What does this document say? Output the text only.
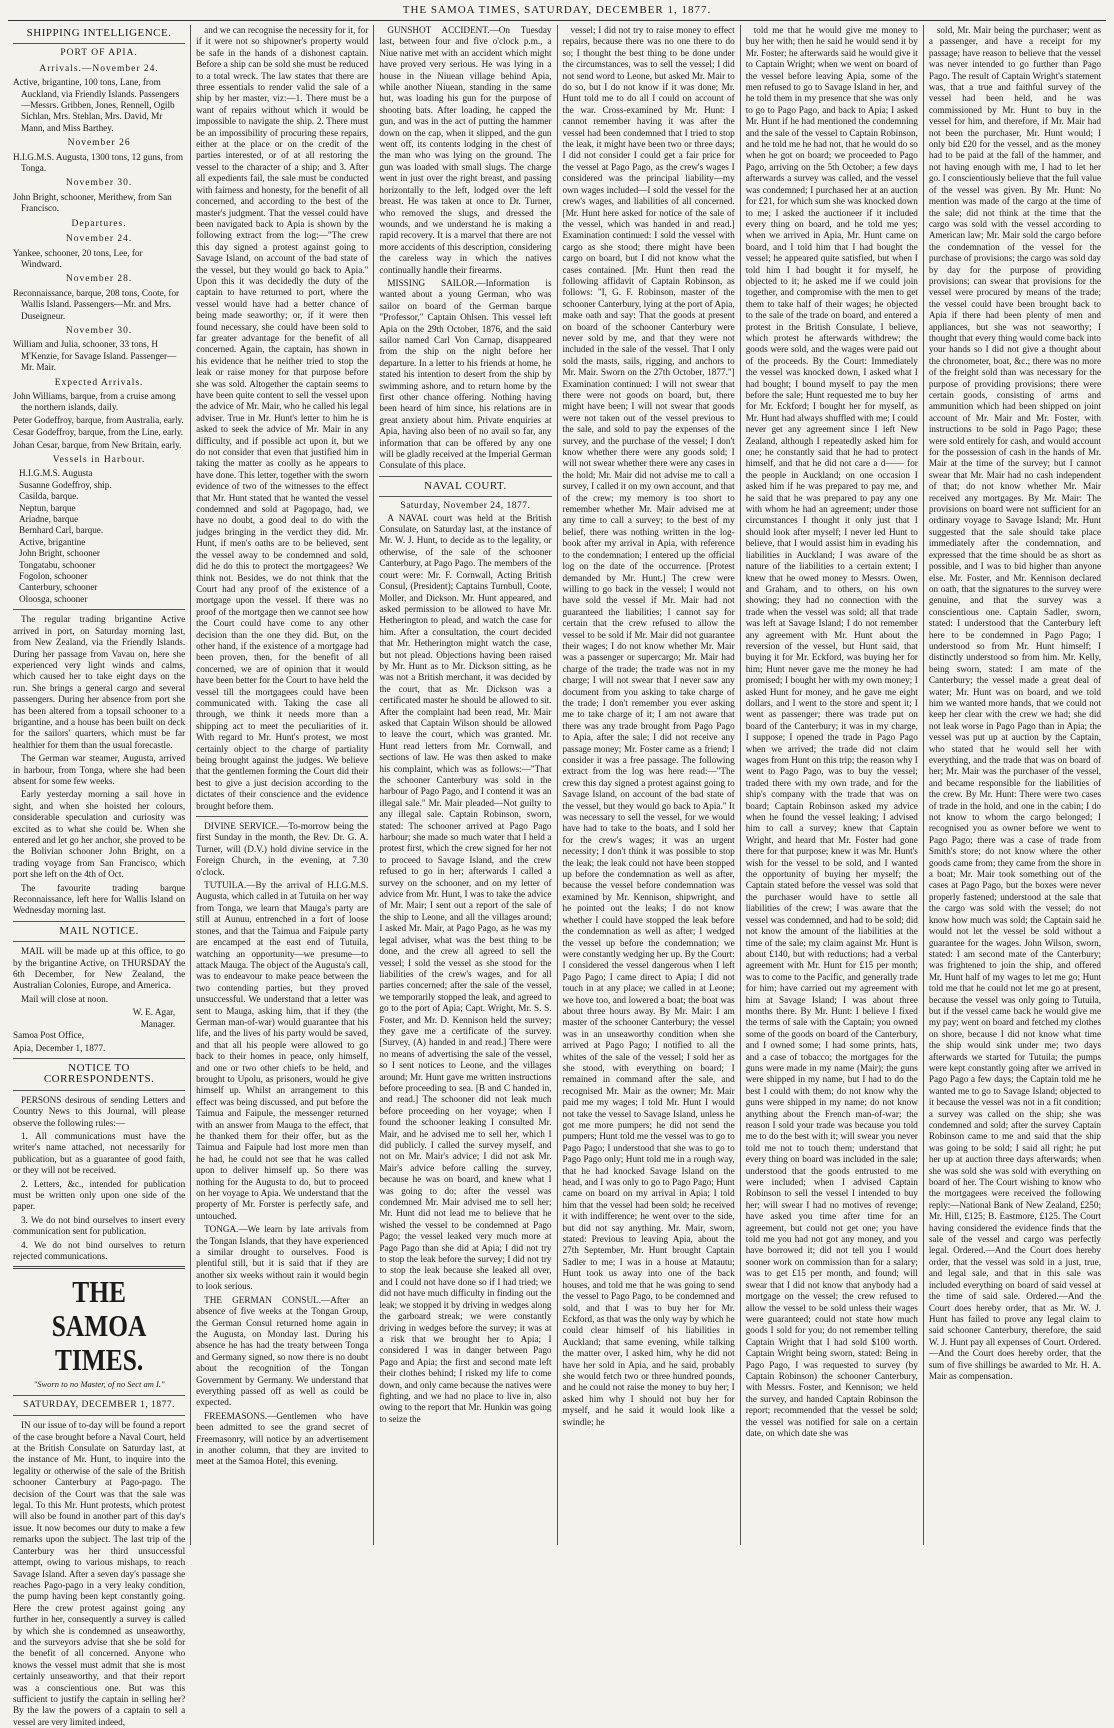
THE SAMOA TIMES, SATURDAY, DECEMBER 1, 1877.
SHIPPING INTELLIGENCE.
PORT OF APIA.
Arrivals.—November 24.
Active, brigantine, 100 tons, Lane, from Auckland, via Friendly Islands. Passengers—Messrs. Gribben, Jones, Rennell, Ogilb Sichlan, Mrs. Stehlan, Mrs. David, Mr Mann, and Miss Barthey.
November 26
H.I.G.M.S. Augusta, 1300 tons, 12 guns, from Tonga.
November 30.
John Bright, schooner, Merithew, from San Francisco.
Departures.
November 24.
Yankee, schooner, 20 tons, Lee, for Windward.
November 28.
Reconnaissance, barque, 208 tons, Coote, for Wallis Island. Passengers—Mr. and Mrs. Duseigneur.
November 30.
William and Julia, schooner, 33 tons, H M'Kenzie, for Savage Island. Passenger—Mr. Mair.
Expected Arrivals.
John Williams, barque, from a cruise among the northern islands, daily.
Peter Godeffroy, barque, from Australia, early.
Cesar Godeffroy, barque, from the Line, early.
Johan Cesar, barque, from New Britain, early.
Vessels in Harbour.
H.I.G.M.S. Augusta
Susanne Godeffroy, ship.
Casilda, barque.
Neptun, barque
Ariadne, barque
Bernhard Carl, barque.
Active, brigantine
John Bright, schooner
Tongatabu, schooner
Fogolon, schooner
Canterbury, schooner
Oloosga, schooner

The regular trading brigantine Active arrived in port, on Saturday morning last, from New Zealand, via the Friendly Islands. During her passage from Vavau on, here she experienced very light winds and calms, which caused her to take eight days on the run. She brings a general cargo and several passengers. During her absence from port she has been altered from a topsail schooner to a brigantine, and a house has been built on deck for the sailors' quarters, which must be far healthier for them than the usual forecastle.

The German war steamer, Augusta, arrived in harbour, from Tonga, where she had been absent for some few weeks.

Early yesterday morning a sail hove in sight, and when she hoisted her colours, considerable speculation and curiosity was excited as to what she could be. When she entered and let go her anchor, she proved to be the Bolivian schooner John Bright, on a trading voyage from San Francisco, which port she left on the 4th of Oct.

The favourite trading barque Reconnaissance, left here for Wallis Island on Wednesday morning last.

MAIL NOTICE.

MAIL will be made up at this office, to go by the brigantine Active, on THURSDAY the 6th December, for New Zealand, the Australian Colonies, Europe, and America.

Mail will close at noon.

W. E. Agar,
Manager.
Samoa Post Office,
Apia, December 1, 1877.
NOTICE TO CORRESPONDENTS.

PERSONS desirous of sending Letters and Country News to this Journal, will please observe the following rules:—

1. All communications must have the writer's name attached, not necessarily for publication, but as a guarantee of good faith, or they will not be received.

2. Letters, &c., intended for publication must be written only upon one side of the paper.

3. We do not bind ourselves to insert every communication sent for publication.

4. We do not bind ourselves to return rejected communications.

THE SAMOA TIMES.
"Sworn to no Master, of no Sect am I."
SATURDAY, DECEMBER 1, 1877.

IN our issue of to-day will be found a report of the case brought before a Naval Court, held at the British Consulate on Saturday last, at the instance of Mr. Hunt, to inquire into the legality or otherwise of the sale of the British schooner Canterbury at Pago-pago. The decision of the Court was that the sale was legal. To this Mr. Hunt protests, which protest will also be found in another part of this day's issue. It now becomes our duty to make a few remarks upon the subject. The last trip of the Canterbury was her third unsuccessful attempt, owing to various mishaps, to reach Savage Island. After a seven day's passage she reaches Pago-pago in a very leaky condition, the pump having been kept constantly going. Here the crew protest against going any further in her, consequently a survey is called by which she is condemned as unseaworthy, and the surveyors advise that she be sold for the benefit of all concerned. Anyone who knows the vessel must admit that she is most certainly unseaworthy, and that their report was a conscientious one. But was this sufficient to justify the captain in selling her? By the law the powers of a captain to sell a vessel are very limited indeed,

and we can recognise the necessity for it, for if it were not so shipowner's property would be safe in the hands of a dishonest captain. Before a ship can be sold she must be reduced to a total wreck. The law states that there are three essentials to render valid the sale of a ship by her master, viz:—1. There must be a want of repairs without which it would be impossible to navigate the ship. 2. There must be an impossibility of procuring these repairs, either at the place or on the credit of the parties interested, or of at all restoring the vessel to the character of a ship; and 3. After all expedients fail, the sale must be conducted with fairness and honesty, for the benefit of all concerned, and according to the best of the master's judgment. That the vessel could have been navigated back to Apia is shown by the following extract from the log:—"The crew this day signed a protest against going to Savage Island, on account of the bad state of the vessel, but they would go back to Apia." Upon this it was decidedly the duty of the captain to have returned to port, where the vessel would have had a better chance of being made seaworthy; or, if it were then found necessary, she could have been sold to far greater advantage for the benefit of all concerned. Again, the captain, has shown in his evidence that he neither tried to stop the leak or raise money for that purpose before she was sold. Altogether the captain seems to have been quite content to sell the vessel upon the advice of Mr. Mair, who he called his legal adviser. True in Mr. Hunt's letter to him he is asked to seek the advice of Mr. Mair in any difficulty, and if possible act upon it, but we do not consider that even that justified him in taking the matter as coolly as he appears to have done. This letter, together with the sworn evidence of two of the witnesses to the effect that Mr. Hunt stated that he wanted the vessel condemned and sold at Pagopago, had, we have no doubt, a good deal to do with the judges bringing in the verdict they did. Mr. Hunt, if men's oaths are to be believed, sent the vessel away to be condemned and sold, did he do this to protect the mortgagees? We think not. Besides, we do not think that the Court had any proof of the existence of a mortgage upon the vessel. If there was no proof of the mortgage then we cannot see how the Court could have come to any other decision than the one they did. But, on the other hand, if the existence of a mortgage had been proven, then, for the benefit of all concerned, we are of opinion that it would have been better for the Court to have held the vessel till the mortgagees could have been communicated with. Taking the case all through, we think it needs more than a shipping act to meet the peculiarities of it. With regard to Mr. Hunt's protest, we most certainly object to the charge of partiality being brought against the judges. We believe that the gentlemen forming the Court did their best to give a just decision according to the dictates of their conscience and the evidence brought before them.

DIVINE SERVICE.—To-morrow being the first Sunday in the month, the Rev. Dr. G. A. Turner, will (D.V.) hold divine service in the Foreign Church, in the evening, at 7.30 o'clock.

TUTUILA.—By the arrival of H.I.G.M.S. Augusta, which called in at Tutuila on her way from Tonga, we learn that Mauga's party are still at Aunuu, entrenched in a fort of loose stones, and that the Taimua and Faipule party are encamped at the east end of Tutuila, watching an opportunity—we presume—to attack Mauga. The object of the Augusta's call, was to endeavour to make peace between the two contending parties, but they proved unsuccessful. We understand that a letter was sent to Mauga, asking him, that if they (the German man-of-war) would guarantee that his life, and the lives of his party would be saved, and that all his people were allowed to go back to their homes in peace, only himself, and one or two other chiefs to be held, and brought to Upolu, as prisoners, would he give himself up. Whilst an arrangement to this effect was being discussed, and put before the Taimua and Faipule, the messenger returned with an answer from Mauga to the effect, that he thanked them for their offer, but as the Taimua and Faipule had lost more men than he had, he could not see that he was called upon to deliver himself up. So there was nothing for the Augusta to do, but to proceed on her voyage to Apia. We understand that the property of Mr. Forster is perfectly safe, and untouched.

TONGA.—We learn by late arrivals from the Tongan Islands, that they have experienced a similar drought to ourselves. Food is plentiful still, but it is said that if they are another six weeks without rain it would begin to look serious.

THE GERMAN CONSUL.—After an absence of five weeks at the Tongan Group, the German Consul returned home again in the Augusta, on Monday last. During his absence he has had the treaty between Tonga and Germany signed, so now there is no doubt about the recognition of the Tongan Government by Germany. We understand that everything passed off as well as could be expected.

FREEMASONS.—Gentlemen who have been admitted to see the grand secret of Freemasonry, will notice by an advertisement in another column, that they are invited to meet at the Samoa Hotel, this evening.

GUNSHOT ACCIDENT.—On Tuesday last, between four and five o'clock p.m., a Niue native met with an accident which might have proved very serious. He was lying in a house in the Niuean village behind Apia, while another Niuean, standing in the same hut, was loading his gun for the purpose of shooting bats. After loading, he capped the gun, and was in the act of putting the hammer down on the cap, when it slipped, and the gun went off, its contents lodging in the chest of the man who was lying on the ground. The gun was loaded with small slugs. The charge went in just over the right breast, and passing horizontally to the left, lodged over the left breast. He was taken at once to Dr. Turner, who removed the slugs, and dressed the wounds, and we understand he is making a rapid recovery. It is a marvel that there are not more accidents of this description, considering the careless way in which the natives continually handle their firearms.

MISSING SAILOR.—Information is wanted about a young German, who was sailor on board of the German barque "Professor," Captain Ohlsen. This vessel left Apia on the 29th October, 1876, and the said sailor named Carl Von Carnap, disappeared from the ship on the night before her departure. In a letter to his friends at home, he stated his intention to desert from the ship by swimming ashore, and to return home by the first other chance offering. Nothing having been heard of him since, his relations are in great anxiety about him. Private enquiries at Apia, having also been of no avail so far, any information that can be offered by any one will be gladly received at the Imperial German Consulate of this place.

NAVAL COURT.
Saturday, November 24, 1877.

A NAVAL court was held at the British Consulate, on Saturday last, at the instance of Mr. W. J. Hunt, to decide as to the legality, or otherwise, of the sale of the schooner Canterbury, at Pago Pago. The members of the court were: Mr. F. Cornwall, Acting British Consul, (President); Captains Turnbull, Coote, Moller, and Dickson. Mr. Hunt appeared, and asked permission to be allowed to have Mr. Hetherington to plead, and watch the case for him. After a consultation, the court decided that Mr. Hetherington might watch the case, but not plead. Objections having been raised by Mr. Hunt as to Mr. Dickson sitting, as he was not a British merchant, it was decided by the court, that as Mr. Dickson was a certificated master he should be allowed to sit. After the complaint had been read, Mr. Mair asked that Captain Wilson should be allowed to leave the court, which was granted. Mr. Hunt read letters from Mr. Cornwall, and sections of law. He was then asked to make his complaint, which was as follows:—"That the schooner Canterbury was sold in the harbour of Pago Pago, and I contend it was an illegal sale." Mr. Mair pleaded—Not guilty to any illegal sale. Captain Robinson, sworn, stated: The schooner arrived at Pago Pago harbour; she made so much water that I held a protest first, which the crew signed for her not to proceed to Savage Island, and the crew refused to go in her; afterwards I called a survey on the schooner, and on my letter of advice from Mr. Hunt, I was to take the advice of Mr. Mair; I sent out a report of the sale of the ship to Leone, and all the villages around; I asked Mr. Mair, at Pago Pago, as he was my legal adviser, what was the best thing to be done, and the crew all agreed to sell the vessel; I sold the vessel as she stood for the liabilities of the crew's wages, and for all parties concerned; after the sale of the vessel, we temporarily stopped the leak, and agreed to go to the port of Apia; Capt. Wright, Mr. S. S. Foster, and Mr. D. Kennison held the survey; they gave me a certificate of the survey. [Survey, (A) handed in and read.] There were no means of advertising the sale of the vessel, so I sent notices to Leone, and the villages around; Mr. Hunt gave me written instructions before proceeding to sea. [B and C handed in, and read.] The schooner did not leak much before proceeding on her voyage; when I found the schooner leaking I consulted Mr. Mair, and he advised me to sell her, which I did publicly. I called the survey myself, and not on Mr. Mair's advice; I did not ask Mr. Mair's advice before calling the survey, because he was on board, and knew what I was going to do; after the vessel was condemned Mr. Mair advised me to sell her; Mr. Hunt did not lead me to believe that he wished the vessel to be condemned at Pago Pago; the vessel leaked very much more at Pago Pago than she did at Apia; I did not try to stop the leak before the survey; I did not try to stop the leak because she leaked all over, and I could not have done so if I had tried; we did not have much difficulty in finding out the leak; we stopped it by driving in wedges along the garboard streak; we were constantly driving in wedges before the survey; it was at a risk that we brought her to Apia; I considered I was in danger between Pago Pago and Apia; the first and second mate left their clothes behind; I risked my life to come down, and only came because the natives were fighting, and we had no place to live in, also owing to the report that Mr. Hunkin was going to seize the

vessel; I did not try to raise money to effect repairs, because there was no one there to do so; I thought the best thing to be done under the circumstances, was to sell the vessel; I did not send word to Leone, but asked Mr. Mair to do so, but I do not know if it was done; Mr. Hunt told me to do all I could on account of the war. Cross-examined by Mr. Hunt: I cannot remember having it was after the vessel had been condemned that I tried to stop the leak, it might have been two or three days; I did not consider I could get a fair price for the vessel at Pago Pago, as the crew's wages I considered was the principal liability—my own wages included—I sold the vessel for the crew's wages, and liabilities of all concerned. [Mr. Hunt here asked for notice of the sale of the vessel, which was handed in and read.] Examination continued: I sold the vessel with cargo as she stood; there might have been cargo on board, but I did not know what the cases contained. [Mr. Hunt then read the following affidavit of Captain Robinson, as follows: "I, G. F. Robinson, master of the schooner Canterbury, lying at the port of Apia, make oath and say: That the goods at present on board of the schooner Canterbury were never sold by me, and that they were not included in the sale of the vessel. That I only sold the masts, sails, rigging, and anchors to Mr. Mair. Sworn on the 27th October, 1877."] Examination continued: I will not swear that there were not goods on board, but, there might have been; I will not swear that goods were not taken out of the vessel previous to the sale, and sold to pay the expenses of the survey, and the purchase of the vessel; I don't know whether there were any goods sold; I will not swear whether there were any cases in the hold; Mr. Mair did not advise me to call a survey, I called it on my own account, and that of the crew; my memory is too short to remember whether Mr. Mair advised me at any time to call a survey; to the best of my belief, there was nothing written in the log-book after my arrival in Apia, with reference to the condemnation; I entered up the official log on the date of the occurrence. [Protest demanded by Mr. Hunt.] The crew were willing to go back in the vessel; I would not have sold the vessel if Mr. Mair had not guaranteed the liabilities; I cannot say for certain that the crew refused to allow the vessel to be sold if Mr. Mair did not guarantee their wages; I do not know whether Mr. Mair was a passenger or supercargo; Mr. Mair had charge of the trade; the trade was not in my charge; I will not swear that I never saw any document from you asking to take charge of the trade; I don't remember you ever asking me to take charge of it; I am not aware that there was any trade brought from Pago Pago to Apia, after the sale; I did not receive any passage money; Mr. Foster came as a friend; I consider it was a free passage. The following extract from the log was here read:—"The crew this day signed a protest against going to Savage Island, on account of the bad state of the vessel, but they would go back to Apia." It was necessary to sell the vessel, for we would have had to take to the boats, and I sold her for the crew's wages; it was an urgent necessity; I don't think it was possible to stop the leak; the leak could not have been stopped up before the condemnation as well as after, because the vessel before condemnation was examined by Mr. Kennison, shipwright, and he pointed out the leaks; I do not know whether I could have stopped the leak before the condemnation as well as after; I wedged the vessel up before the condemnation; we were constantly wedging her up. By the Court: I considered the vessel dangerous when I left Pago Pago; I came direct to Apia; I did not touch in at any place; we called in at Leone; we hove too, and lowered a boat; the boat was about three hours away. By Mr. Mair: I am master of the schooner Canterbury; the vessel was in an unseaworthy condition when she arrived at Pago Pago; I notified to all the whites of the sale of the vessel; I sold her as she stood, with everything on board; I remained in command after the sale, and recognised Mr. Mair as the owner; Mr. Mair paid me my wages; I told Mr. Hunt I would not take the vessel to Savage Island, unless he got me more pumpers; he did not send the pumpers; Hunt told me the vessel was to go to Pago Pago; I understood that she was to go to Pago Pago only; Hunt told me in a rough way, that he had knocked Savage Island on the head, and I was only to go to Pago Pago; Hunt came on board on my arrival in Apia; I told him that the vessel had been sold; he received it with indifference; he went over to the side, but did not say anything. Mr. Mair, sworn, stated: Previous to leaving Apia, about the 27th September, Mr. Hunt brought Captain Sadler to me; I was in a house at Matautu; Hunt took us away into one of the back houses, and told me that he was going to send the vessel to Pago Pago, to be condemned and sold, and that I was to buy her for Mr. Eckford, as that was the only way by which he could clear himself of his liabilities in Auckland; that same evening, while talking the matter over, I asked him, why he did not have her sold in Apia, and he said, probably she would fetch two or three hundred pounds, and he could not raise the money to buy her; I asked him why I should not buy her for myself, and he said it would look like a swindle; he

told me that he would give me money to buy her with; then he said he would send it by Mr. Foster; he afterwards said he would give it to Captain Wright; when we went on board of the vessel before leaving Apia, some of the men refused to go to Savage Island in her, and he told them in my presence that she was only to go to Pago Pago, and back to Apia; I asked Mr. Hunt if he had mentioned the condemning and the sale of the vessel to Captain Robinson, and he told me he had not, that he would do so when he got on board; we proceeded to Pago Pago, arriving on the 5th October; a few days afterwards a survey was called, and the vessel was condemned; I purchased her at an auction for £21, for which sum she was knocked down to me; I asked the auctioneer if it included every thing on board, and he told me yes; when we arrived in Apia, Mr. Hunt came on board, and I told him that I had bought the vessel; he appeared quite satisfied, but when I told him I had bought it for myself, he objected to it; he asked me if we could join together, and compromise with the men to get them to take half of their wages; he objected to the sale of the trade on board, and entered a protest in the British Consulate, I believe, which protest he afterwards withdrew; the goods were sold, and the wages were paid out of the proceeds. By the Court: Immediately the vessel was knocked down, I asked what I had bought; I bound myself to pay the men before the sale; Hunt requested me to buy her for Mr. Eckford; I bought her for myself, as Mr. Hunt had always shuffled with me; I could never get any agreement since I left New Zealand, although I repeatedly asked him for one; he constantly said that he had to protect himself, and that he did not care a d—— for the people in Auckland; on one occasion I asked him if he was prepared to pay me, and he said that he was prepared to pay any one with whom he had an agreement; under those circumstances I thought it only just that I should look after myself; I never led Hunt to believe, that I would assist him in evading his liabilities in Auckland; I was aware of the nature of the liabilities to a certain extent; I knew that he owed money to Messrs. Owen, and Graham, and to others, on his own showing; they had no connection with the trade when the vessel was sold; all that trade was left at Savage Island; I do not remember any agreement with Mr. Hunt about the reversion of the vessel, but Hunt said, that buying it for Mr. Eckford, was buying her for him; Hunt never gave me the money he had promised; I bought her with my own money; I asked Hunt for money, and he gave me eight dollars, and I went to the store and spent it; I went as passenger; there was trade put on board of the Canterbury; it was in my charge, I suppose; I opened the trade in Pago Pago when we arrived; the trade did not claim wages from Hunt on this trip; the reason why I went to Pago Pago, was to buy the vessel; traded there with my own trade, and for the ship's company with the trade that was on board; Captain Robinson asked my advice when he found the vessel leaking; I advised him to call a survey; knew that Captain Wright, and heard that Mr. Foster had gone there for that purpose; knew it was Mr. Hunt's wish for the vessel to be sold, and I wanted the opportunity of buying her myself; the Captain stated before the vessel was sold that the purchaser would have to settle all liabilities of the crew; I was aware that the vessel was condemned, and had to be sold; did not know the amount of the liabilities at the time of the sale; my claim against Mr. Hunt is about £140, but with reductions; had a verbal agreement with Mr. Hunt for £15 per month; was to come to the Pacific, and generally trade for him; have carried out my agreement with him at Savage Island; I was about three months there. By Mr. Hunt: I believe I fixed the terms of sale with the Captain; you owned some of the goods on board of the Canterbury, and I owned some; I had some prints, hats, and a case of tobacco; the mortgages for the guns were made in my name (Mair); the guns were shipped in my name, but I had to do the best I could with them; do not know why the guns were shipped in my name; do not know anything about the French man-of-war; the reason I sold your trade was because you told me to do the best with it; will swear you never told me not to touch them; understand that every thing on board was included in the sale; understood that the goods entrusted to me were included; when I advised Captain Robinson to sell the vessel I intended to buy her; will swear I had no motives of revenge; have asked you time after time for an agreement, but could not get one; you have told me you had not got any money, and you have borrowed it; did not tell you I would sooner work on commission than for a salary; was to get £15 per month, and found; will swear that I did not know that anybody had a mortgage on the vessel; the crew refused to allow the vessel to be sold unless their wages were guaranteed; could not state how much goods I sold for you; do not remember telling Captain Wright that I had sold $100 worth. Captain Wright being sworn, stated: Being in Pago Pago, I was requested to survey (by Captain Robinson) the schooner Canterbury, with Messrs. Foster, and Kennison; we held the survey, and handed Captain Robinson the report; recommended that the vessel be sold; the vessel was notified for sale on a certain date, on which date she was

sold, Mr. Mair being the purchaser; went as a passenger, and have a receipt for my passage; have reason to believe that the vessel was never intended to go further than Pago Pago. The result of Captain Wright's statement was, that a true and faithful survey of the vessel had been held, and he was commissioned by Mr. Hunt to buy in the vessel for him, and therefore, if Mr. Mair had not been the purchaser, Mr. Hunt would; I only bid £20 for the vessel, and as the money had to be paid at the fall of the hammer, and not having enough with me, I had to let her go. I conscientiously believe that the full value of the vessel was given. By Mr. Hunt: No mention was made of the cargo at the time of the sale; did not think at the time that the cargo was sold with the vessel according to American law; Mr. Mair sold the cargo before the condemnation of the vessel for the purchase of provisions; the cargo was sold day by day for the purpose of providing provisions; can swear that provisions for the vessel were procured by means of the trade; the vessel could have been brought back to Apia if there had been plenty of men and appliances, but she was not seaworthy; I thought that every thing would come back into your hands so I did not give a thought about the chronometer, boat, &c.; there was no more of the freight sold than was necessary for the purpose of providing provisions; there were certain goods, consisting of arms and ammunition which had been shipped on joint account of Mr. Mair and Mr. Foster, with instructions to be sold in Pago Pago; these were sold entirely for cash, and would account for the possession of cash in the hands of Mr. Mair at the time of the survey; but I cannot swear that Mr. Mair had no cash independent of that; do not know whether Mr. Mair received any mortgages. By Mr. Mair: The provisions on board were not sufficient for an ordinary voyage to Savage Island; Mr. Hunt suggested that the sale should take place immediately after the condemnation, and expressed that the time should be as short as possible, and I was to bid higher than anyone else. Mr. Foster, and Mr. Kennison declared on oath, that the signatures to the survey were genuine, and that the survey was a conscientious one. Captain Sadler, sworn, stated: I understood that the Canterbury left here to be condemned in Pago Pago; I understood so from Mr. Hunt himself; I distinctly understood so from him. Mr. Kelly, being sworn, stated: I am mate of the Canterbury; the vessel made a great deal of water; Mr. Hunt was on board, and we told him we wanted more hands, that we could not keep her clear with the crew we had; she did not leak worse in Pago Pago than in Apia; the vessel was put up at auction by the Captain, who stated that he would sell her with everything, and the trade that was on board of her; Mr. Mair was the purchaser of the vessel, and became responsible for the liabilities of the crew. By Mr. Hunt: There were two cases of trade in the hold, and one in the cabin; I do not know to whom the cargo belonged; I recognised you as owner before we went to Pago Pago; there was a case of trade from Smith's store; do not know where the other goods came from; they came from the shore in a boat; Mr. Mair took something out of the cases at Pago Pago, but the boxes were never properly fastened; understood at the sale that the cargo was sold with the vessel; do not know how much was sold; the Captain said he would not let the vessel be sold without a guarantee for the wages. John Wilson, sworn, stated: I am second mate of the Canterbury; was frightened to join the ship, and offered Mr. Hunt half of my wages to let me go; Hunt told me that he could not let me go at present, because the vessel was only going to Tutuila, but if the vessel came back he would give me my pay; went on board and fetched my clothes on shore, because I did not know what time the ship would sink under me; two days afterwards we started for Tutuila; the pumps were kept constantly going after we arrived in Pago Pago a few days; the Captain told me he wanted me to go to Savage Island; objected to it because the vessel was not in a fit condition; a survey was called on the ship; she was condemned and sold; after the survey Captain Robinson came to me and said that the ship was going to be sold; I said all right; he put her up at auction three days afterwards; when she was sold she was sold with everything on board of her. The Court wishing to know who the mortgagees were received the following reply:—National Bank of New Zealand, £250; Mr. Hill, £125; B. Eastmore, £125. The Court having considered the evidence finds that the sale of the vessel and cargo was perfectly legal. Ordered.—And the Court does hereby order, that the vessel was sold in a just, true, and legal sale, and that in this sale was included everything on board of said vessel at the time of said sale. Ordered.—And the Court does hereby order, that as Mr. W. J. Hunt has failed to prove any legal claim to said schooner Canterbury, therefore, the said W. J. Hunt pay all expenses of Court. Ordered.—And the Court does hereby order, that the sum of five shillings be awarded to Mr. H. A. Mair as compensation.
